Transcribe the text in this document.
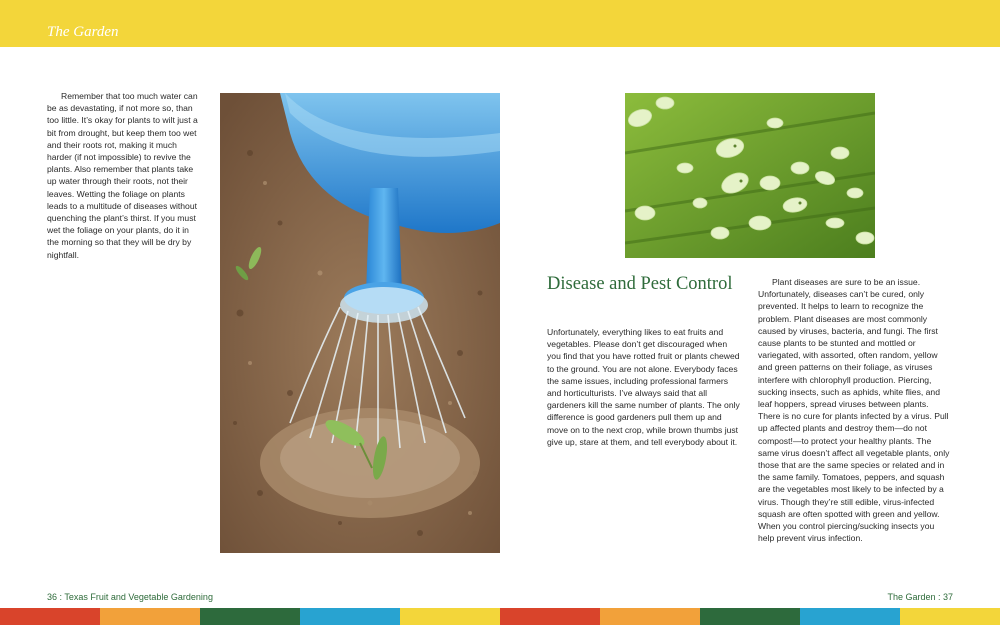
The Garden

Remember that too much water can be as devastating, if not more so, than too little. It’s okay for plants to wilt just a bit from drought, but keep them too wet and their roots rot, making it much harder (if not impossible) to revive the plants. Also remember that plants take up water through their roots, not their leaves. Wetting the foliage on plants leads to a multitude of diseases without quenching the plant’s thirst. If you must wet the foliage on your plants, do it in the morning so that they will be dry by nightfall.

Disease and Pest Control

Unfortunately, everything likes to eat fruits and vegetables. Please don’t get discouraged when you find that you have rotted fruit or plants chewed to the ground. You are not alone. Everybody faces the same issues, including professional farmers and horticulturists. I’ve always said that all gardeners kill the same number of plants. The only difference is good gardeners pull them up and move on to the next crop, while brown thumbs just give up, stare at them, and tell everybody about it.

Plant diseases are sure to be an issue. Unfortunately, diseases can’t be cured, only prevented. It helps to learn to recognize the problem. Plant diseases are most commonly caused by viruses, bacteria, and fungi. The first cause plants to be stunted and mottled or variegated, with assorted, often random, yellow and green patterns on their foliage, as viruses interfere with chlorophyll production. Piercing, sucking insects, such as aphids, white flies, and leaf hoppers, spread viruses between plants. There is no cure for plants infected by a virus. Pull up affected plants and destroy them—do not compost!—to protect your healthy plants. The same virus doesn’t affect all vegetable plants, only those that are the same species or related and in the same family. Tomatoes, peppers, and squash are the vegetables most likely to be infected by a virus. Though they’re still edible, virus-infected squash are often spotted with green and yellow. When you control piercing/sucking insects you help prevent virus infection.

36 : Texas Fruit and Vegetable Gardening	The Garden : 37
